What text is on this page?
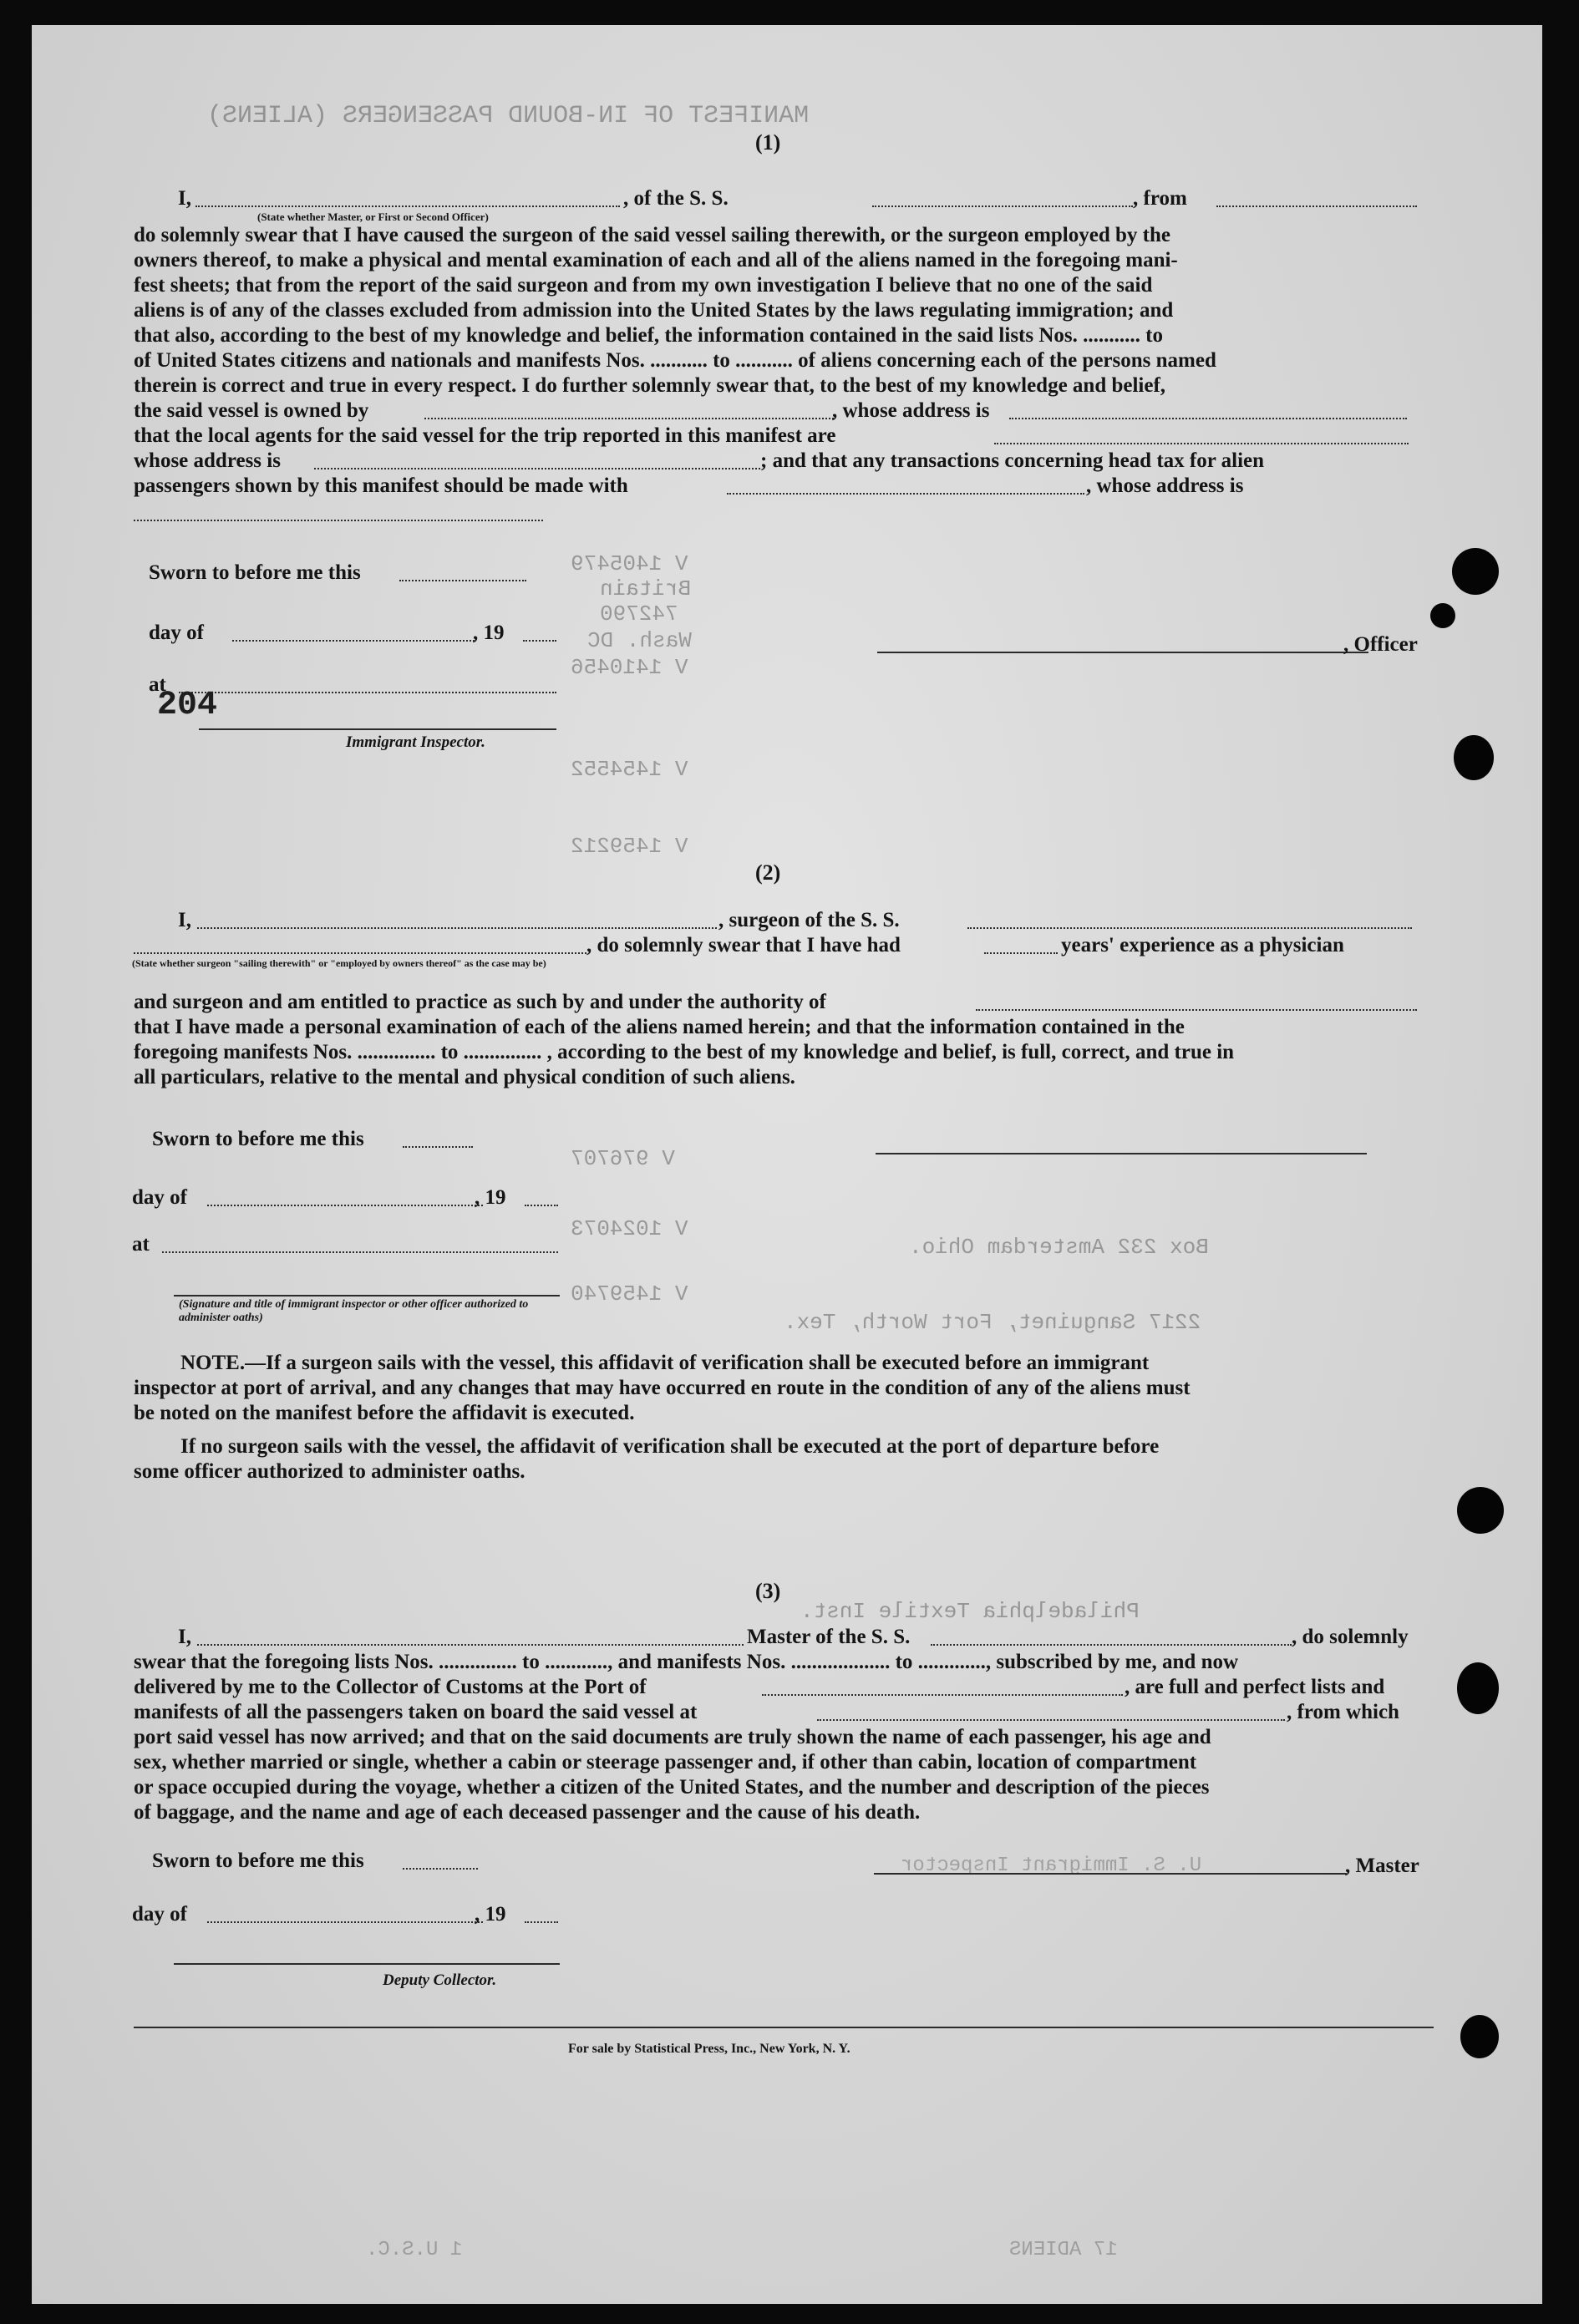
MANIFEST OF IN-BOUND PASSENGERS (ALIENS)
V 1405479
Britain
742790
Wash. DC
V 1410456
V 1454552
V 1459212
V 976707
V 1024073
V 1459740
Box 232 Amsterdam Ohio.
2217 Sanguinet, Fort Worth, Tex.
Philadelphia Textile Inst.
U. S. Immigrant Inspector
17 ADIENS
1 U.S.C.
(1)
I,
(State whether Master, or First or Second Officer)
, of the S. S.	, from
do solemnly swear that I have caused the surgeon of the said vessel sailing therewith, or the surgeon employed by the
owners thereof, to make a physical and mental examination of each and all of the aliens named in the foregoing mani-
fest sheets; that from the report of the said surgeon and from my own investigation I believe that no one of the said
aliens is of any of the classes excluded from admission into the United States by the laws regulating immigration; and
that also, according to the best of my knowledge and belief, the information contained in the said lists Nos. ........... to
of United States citizens and nationals and manifests Nos. ........... to ........... of aliens concerning each of the persons named
therein is correct and true in every respect. I do further solemnly swear that, to the best of my knowledge and belief,
the said vessel is owned by	, whose address is
that the local agents for the said vessel for the trip reported in this manifest are
whose address is	; and that any transactions concerning head tax for alien
passengers shown by this manifest should be made with	, whose address is
Sworn to before me this
day of	, 19
at
204
Immigrant Inspector.
, Officer
(2)
I,	, surgeon of the S. S.
, do solemnly swear that I have had	years' experience as a physician
(State whether surgeon "sailing therewith" or "employed by owners thereof" as the case may be)
and surgeon and am entitled to practice as such by and under the authority of
that I have made a personal examination of each of the aliens named herein; and that the information contained in the
foregoing manifests Nos. ............... to ............... , according to the best of my knowledge and belief, is full, correct, and true in
all particulars, relative to the mental and physical condition of such aliens.
Sworn to before me this
day of	, 19
at
(Signature and title of immigrant inspector or other officer authorized to administer oaths)
NOTE.—If a surgeon sails with the vessel, this affidavit of verification shall be executed before an immigrant
inspector at port of arrival, and any changes that may have occurred en route in the condition of any of the aliens must
be noted on the manifest before the affidavit is executed.
If no surgeon sails with the vessel, the affidavit of verification shall be executed at the port of departure before
some officer authorized to administer oaths.
(3)
I,	Master of the S. S.	, do solemnly
swear that the foregoing lists Nos. ............... to ............, and manifests Nos. ................... to ............., subscribed by me, and now
delivered by me to the Collector of Customs at the Port of	, are full and perfect lists and
manifests of all the passengers taken on board the said vessel at	, from which
port said vessel has now arrived; and that on the said documents are truly shown the name of each passenger, his age and
sex, whether married or single, whether a cabin or steerage passenger and, if other than cabin, location of compartment
or space occupied during the voyage, whether a citizen of the United States, and the number and description of the pieces
of baggage, and the name and age of each deceased passenger and the cause of his death.
Sworn to before me this	, Master
day of	, 19
Deputy Collector.
For sale by Statistical Press, Inc., New York, N. Y.
